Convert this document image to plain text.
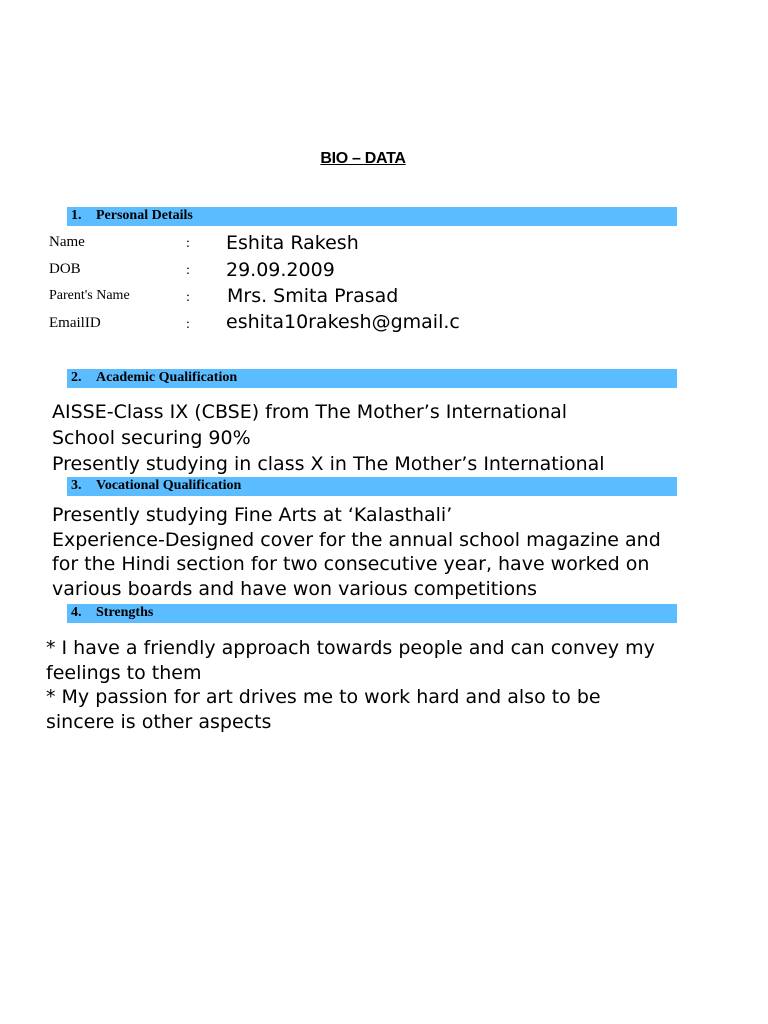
BIO – DATA
1. Personal Details
Name	: Eshita Rakesh
DOB	: 29.09.2009
Parent's Name	: Mrs. Smita Prasad
EmailID	: eshita10rakesh@gmail.c
2. Academic Qualification
AISSE-Class IX (CBSE) from The Mother’s International
School securing 90%
Presently studying in class X in The Mother’s International
3. Vocational Qualification
Presently studying Fine Arts at ‘Kalasthali’
Experience-Designed cover for the annual school magazine and
for the Hindi section for two consecutive year, have worked on
various boards and have won various competitions
4. Strengths
* I have a friendly approach towards people and can convey my
feelings to them
* My passion for art drives me to work hard and also to be
sincere is other aspects
